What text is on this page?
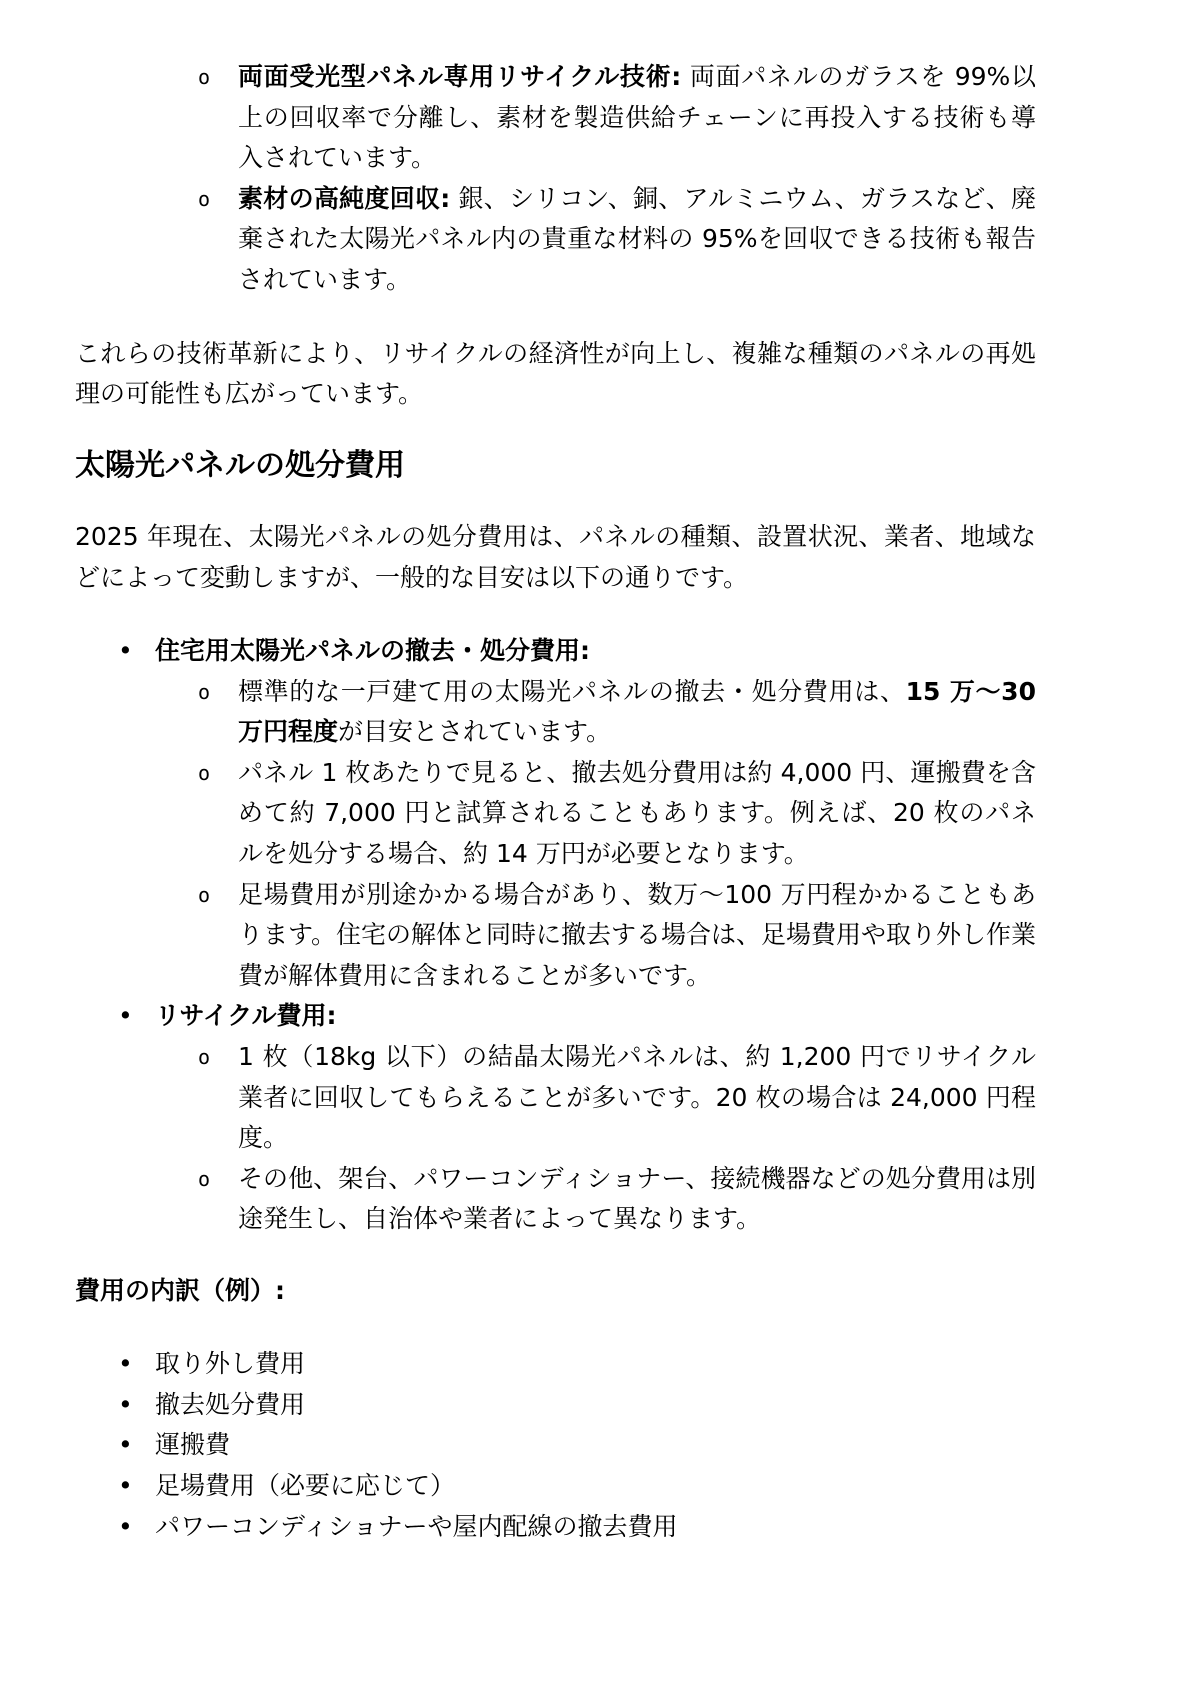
o 両面受光型パネル専用リサイクル技術: 両面パネルのガラスを 99%以上の回収率で分離し、素材を製造供給チェーンに再投入する技術も導入されています。
o 素材の高純度回収: 銀、シリコン、銅、アルミニウム、ガラスなど、廃棄された太陽光パネル内の貴重な材料の 95%を回収できる技術も報告されています。

これらの技術革新により、リサイクルの経済性が向上し、複雑な種類のパネルの再処理の可能性も広がっています。

太陽光パネルの処分費用

2025 年現在、太陽光パネルの処分費用は、パネルの種類、設置状況、業者、地域などによって変動しますが、一般的な目安は以下の通りです。

• 住宅用太陽光パネルの撤去・処分費用:
o 標準的な一戸建て用の太陽光パネルの撤去・処分費用は、15 万～30 万円程度が目安とされています。
o パネル 1 枚あたりで見ると、撤去処分費用は約 4,000 円、運搬費を含めて約 7,000 円と試算されることもあります。例えば、20 枚のパネルを処分する場合、約 14 万円が必要となります。
o 足場費用が別途かかる場合があり、数万～100 万円程かかることもあります。住宅の解体と同時に撤去する場合は、足場費用や取り外し作業費が解体費用に含まれることが多いです。
• リサイクル費用:
o 1 枚（18kg 以下）の結晶太陽光パネルは、約 1,200 円でリサイクル業者に回収してもらえることが多いです。20 枚の場合は 24,000 円程度。
o その他、架台、パワーコンディショナー、接続機器などの処分費用は別途発生し、自治体や業者によって異なります。

費用の内訳（例）:

• 取り外し費用
• 撤去処分費用
• 運搬費
• 足場費用（必要に応じて）
• パワーコンディショナーや屋内配線の撤去費用
